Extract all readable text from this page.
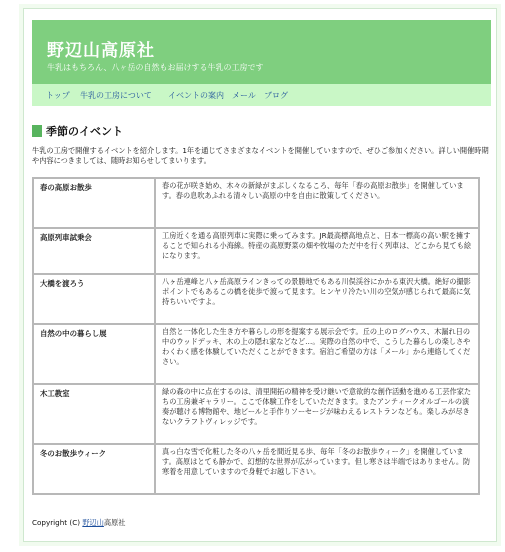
野辺山高原社
牛乳はもちろん、八ヶ岳の自然もお届けする牛乳の工房です
トップ 牛乳の工房について イベントの案内 メール ブログ
季節のイベント
牛乳の工房で開催するイベントを紹介します。1年を通じてさまざまなイベントを開催していますので、ぜひご参加ください。詳しい開催時期や内容につきましては、随時お知らせしてまいります。
春の高原お散歩	春の花が咲き始め、木々の新緑がまぶしくなるころ、毎年「春の高原お散歩」を開催しています。春の息吹あふれる清々しい高原の中を自由に散策してください。
高原列車試乗会	工房近くを通る高原列車に実際に乗ってみます。JR最高標高地点と、日本一標高の高い駅を擁することで知られる小海線。特産の高原野菜の畑や牧場のただ中を行く列車は、どこから見ても絵になります。
大橋を渡ろう	八ヶ岳連峰と八ヶ岳高原ラインきっての景勝地でもある川俣渓谷にかかる東沢大橋。絶好の撮影ポイントでもあるこの橋を徒歩で渡って見ます。ヒンヤリ冷たい川の空気が感じられて最高に気持ちいいですよ。
自然の中の暮らし展	自然と一体化した生き方や暮らしの形を提案する展示会です。丘の上のログハウス、木漏れ日の中のウッドデッキ、木の上の隠れ家などなど…。実際の自然の中で、こうした暮らしの楽しさやわくわく感を体験していただくことができます。宿泊ご希望の方は「メール」から連絡してください。
木工教室	緑の森の中に点在するのは、清里開拓の精神を受け継いで意欲的な創作活動を進める工芸作家たちの工房兼ギャラリー。ここで体験工作をしていただきます。またアンティークオルゴールの演奏が聴ける博物館や、地ビールと手作りソーセージが味わえるレストランなども。楽しみが尽きないクラフトヴィレッジです。
冬のお散歩ウィーク	真っ白な雪で化粧した冬の八ヶ岳を間近見る歩、毎年「冬のお散歩ウィーク」を開催しています。高原はとても静かで、幻想的な世界が広がっています。但し寒さは半端ではありません。防寒着を用意していますので身軽でお越し下さい。
Copyright (C) 野辺山高原社
